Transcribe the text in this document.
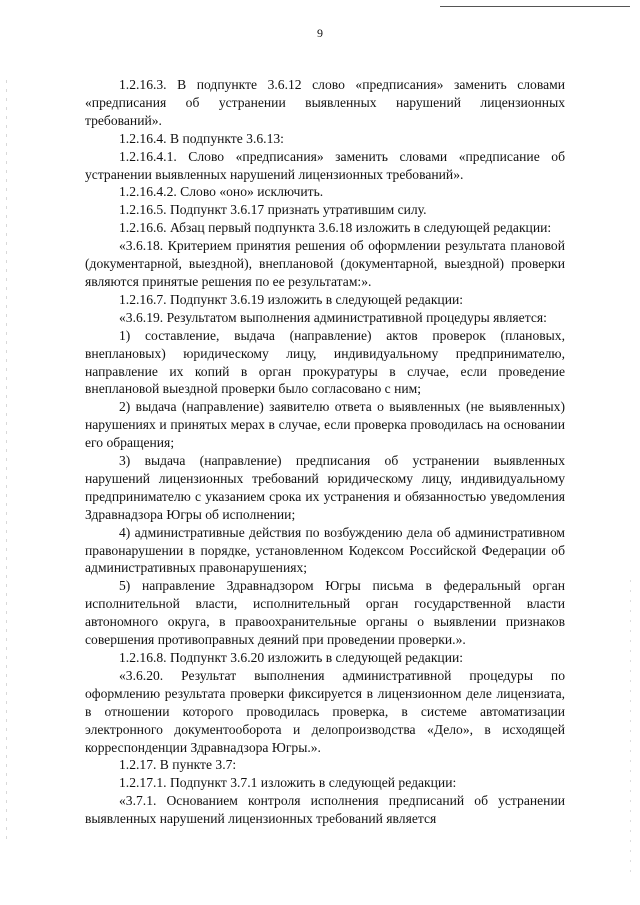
9

1.2.16.3. В подпункте 3.6.12 слово «предписания» заменить словами «предписания об устранении выявленных нарушений лицензионных требований».

1.2.16.4. В подпункте 3.6.13:

1.2.16.4.1. Слово «предписания» заменить словами «предписание об устранении выявленных нарушений лицензионных требований».

1.2.16.4.2. Слово «оно» исключить.

1.2.16.5. Подпункт 3.6.17 признать утратившим силу.

1.2.16.6. Абзац первый подпункта 3.6.18 изложить в следующей редакции:

«3.6.18. Критерием принятия решения об оформлении результата плановой (документарной, выездной), внеплановой (документарной, выездной) проверки являются принятые решения по ее результатам:».

1.2.16.7. Подпункт 3.6.19 изложить в следующей редакции:

«3.6.19. Результатом выполнения административной процедуры является:

1) составление, выдача (направление) актов проверок (плановых, внеплановых) юридическому лицу, индивидуальному предпринимателю, направление их копий в орган прокуратуры в случае, если проведение внеплановой выездной проверки было согласовано с ним;

2) выдача (направление) заявителю ответа о выявленных (не выявленных) нарушениях и принятых мерах в случае, если проверка проводилась на основании его обращения;

3) выдача (направление) предписания об устранении выявленных нарушений лицензионных требований юридическому лицу, индивидуальному предпринимателю с указанием срока их устранения и обязанностью уведомления Здравнадзора Югры об исполнении;

4) административные действия по возбуждению дела об административном правонарушении в порядке, установленном Кодексом Российской Федерации об административных правонарушениях;

5) направление Здравнадзором Югры письма в федеральный орган исполнительной власти, исполнительный орган государственной власти автономного округа, в правоохранительные органы о выявлении признаков совершения противоправных деяний при проведении проверки.».

1.2.16.8. Подпункт 3.6.20 изложить в следующей редакции:

«3.6.20. Результат выполнения административной процедуры по оформлению результата проверки фиксируется в лицензионном деле лицензиата, в отношении которого проводилась проверка, в системе автоматизации электронного документооборота и делопроизводства «Дело», в исходящей корреспонденции Здравнадзора Югры.».

1.2.17. В пункте 3.7:

1.2.17.1. Подпункт 3.7.1 изложить в следующей редакции:

«3.7.1. Основанием контроля исполнения предписаний об устранении выявленных нарушений лицензионных требований является
